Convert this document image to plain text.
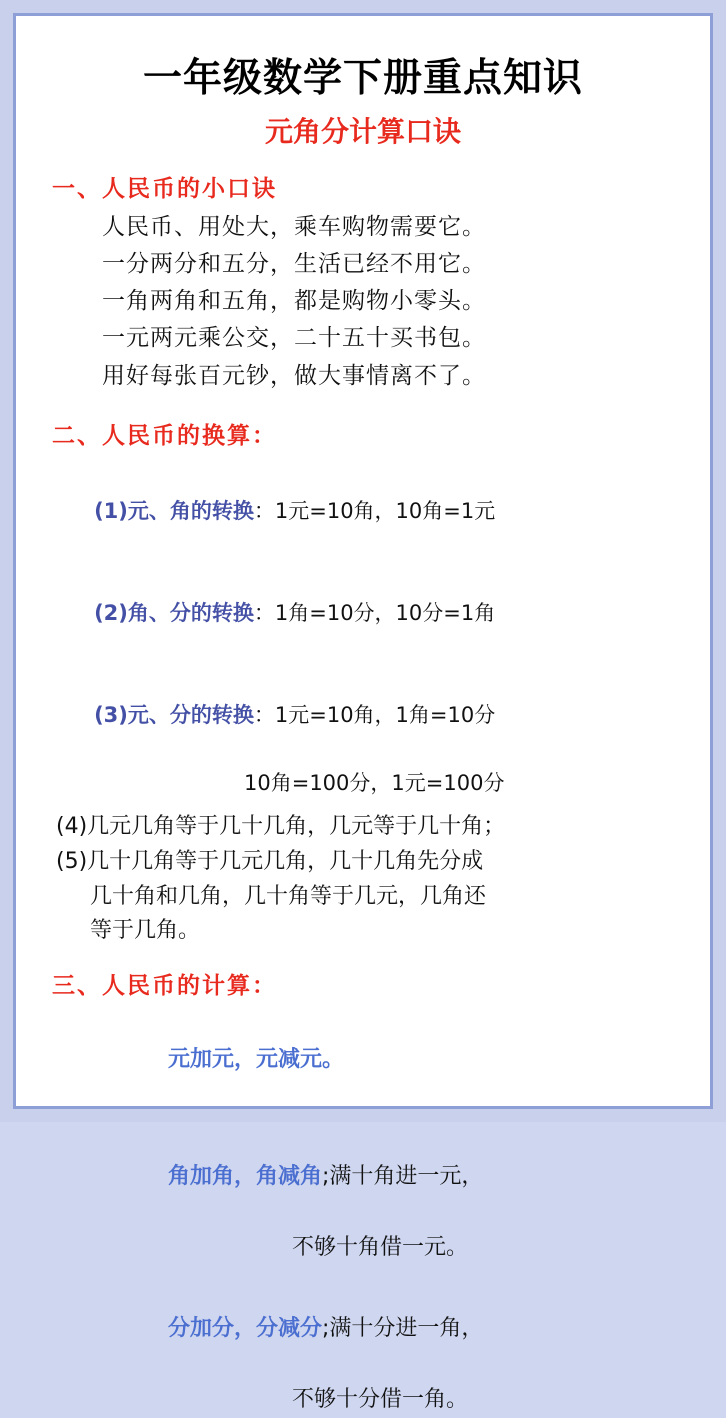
一年级数学下册重点知识
元角分计算口诀
一、人民币的小口诀
人民币、用处大，乘车购物需要它。
一分两分和五分，生活已经不用它。
一角两角和五角，都是购物小零头。
一元两元乘公交，二十五十买书包。
用好每张百元钞，做大事情离不了。
二、人民币的换算：

(1)元、角的转换：1元=10角，10角=1元

(2)角、分的转换：1角=10分，10分=1角

(3)元、分的转换：1元=10角，1角=10分

10角=100分，1元=100分
(4)几元几角等于几十几角，几元等于几十角；
(5)几十几角等于几元几角，几十几角先分成
几十角和几角，几十角等于几元，几角还
等于几角。
三、人民币的计算：

元加元，元减元。

角加角，角减角;满十角进一元，

不够十角借一元。

分加分，分减分;满十分进一角，

不够十分借一角。
